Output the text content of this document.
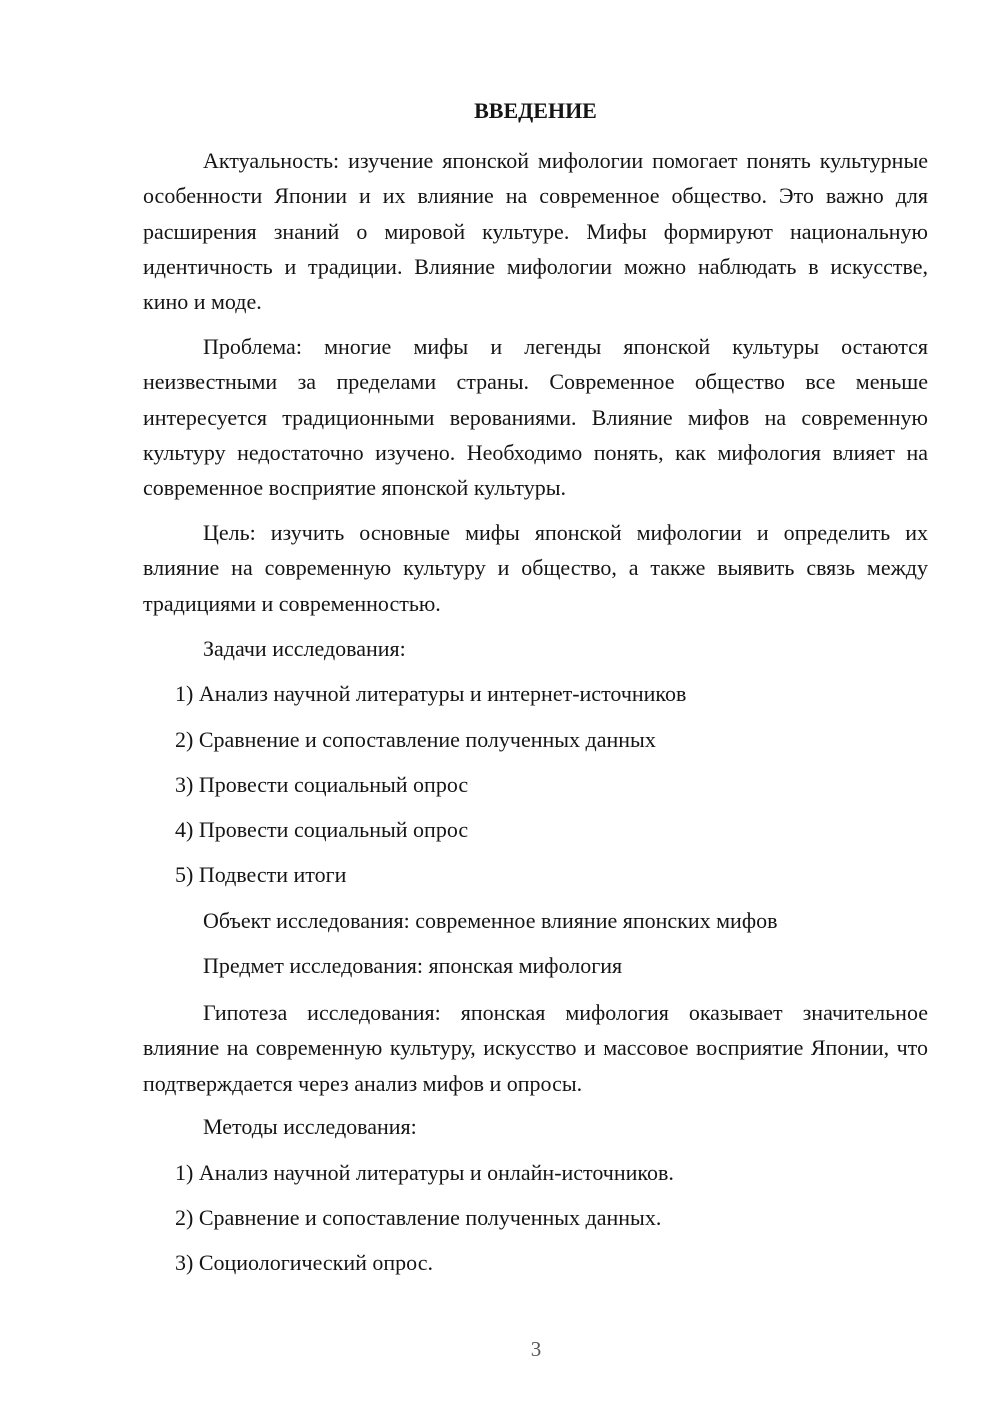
ВВЕДЕНИЕ

Актуальность: изучение японской мифологии помогает понять культурные особенности Японии и их влияние на современное общество. Это важно для расширения знаний о мировой культуре. Мифы формируют национальную идентичность и традиции. Влияние мифологии можно наблюдать в искусстве, кино и моде.

Проблема: многие мифы и легенды японской культуры остаются неизвестными за пределами страны. Современное общество все меньше интересуется традиционными верованиями. Влияние мифов на современную культуру недостаточно изучено. Необходимо понять, как мифология влияет на современное восприятие японской культуры.

Цель: изучить основные мифы японской мифологии и определить их влияние на современную культуру и общество, а также выявить связь между традициями и современностью.

Задачи исследования:

1) Анализ научной литературы и интернет-источников

2) Сравнение и сопоставление полученных данных

3) Провести социальный опрос

4) Провести социальный опрос

5) Подвести итоги

Объект исследования: современное влияние японских мифов

Предмет исследования: японская мифология

Гипотеза исследования: японская мифология оказывает значительное влияние на современную культуру, искусство и массовое восприятие Японии, что подтверждается через анализ мифов и опросы.

Методы исследования:

1) Анализ научной литературы и онлайн-источников.

2) Сравнение и сопоставление полученных данных.

3) Социологический опрос.

3
